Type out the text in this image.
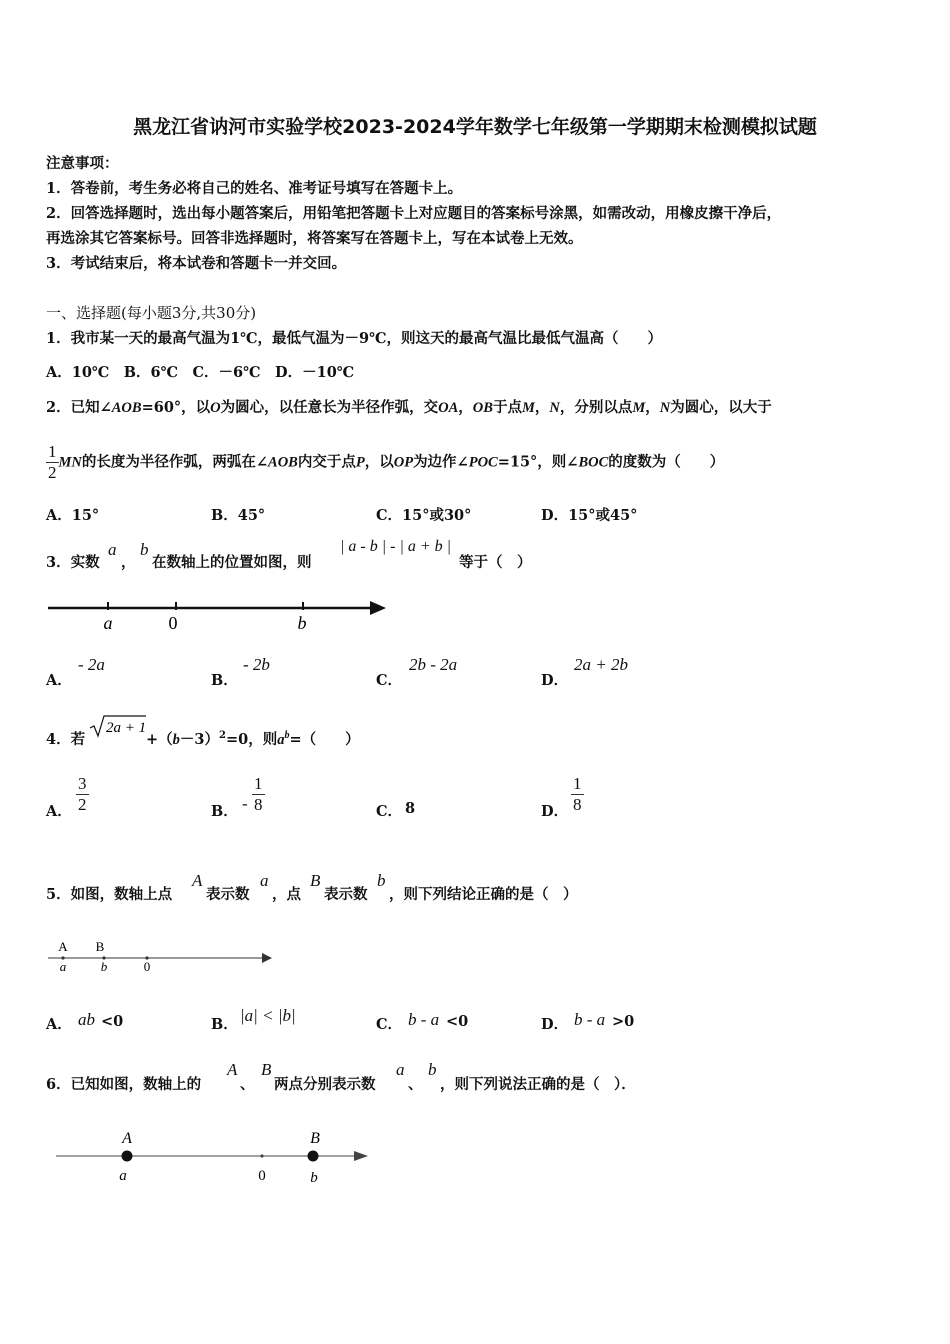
黑龙江省讷河市实验学校2023-2024学年数学七年级第一学期期末检测模拟试题
注意事项：
1．答卷前，考生务必将自己的姓名、准考证号填写在答题卡上。
2．回答选择题时，选出每小题答案后，用铅笔把答题卡上对应题目的答案标号涂黑，如需改动，用橡皮擦干净后，
再选涂其它答案标号。回答非选择题时，将答案写在答题卡上，写在本试卷上无效。
3．考试结束后，将本试卷和答题卡一并交回。
一、选择题(每小题3分,共30分)
1．我市某一天的最高气温为1℃，最低气温为－9℃，则这天的最高气温比最低气温高（　　）
A．10℃　B．6℃　C．－6℃　D．－10℃
2．已知∠AOB=60°，以O为圆心，以任意长为半径作弧，交OA，OB于点M，N，分别以点M，N为圆心，以大于
$\frac{1}{2}$ MN的长度为半径作弧，两弧在∠AOB内交于点P，以OP为边作∠POC=15°，则∠BOC的度数为（　　）
A．15°	B．45°	C．15°或30°	D．15°或45°
3．实数
a
，
b
在数轴上的位置如图，则
| a - b | - | a + b |
等于（　）
a	0	b
A．
- 2a
B．
- 2b
C．
2b - 2a
D．
2a + 2b
4．若
2a + 1
$+(b-3)^2=0$，则$a^b=$（　　）
A． $\frac{3}{2}$	B． - $\frac{1}{8}$	C． 8	D． $\frac{1}{8}$
5．如图，数轴上点
A
表示数
a
，点
B
表示数
b
，则下列结论正确的是（　）
A B
a	b	0
A． ab <0	B． |a| < |b|	C． b - a <0	D． b - a >0
6．已知如图，数轴上的
A
、
B
两点分别表示数
a
、
b
，则下列说法正确的是（　）．
A	B
a	0	b
